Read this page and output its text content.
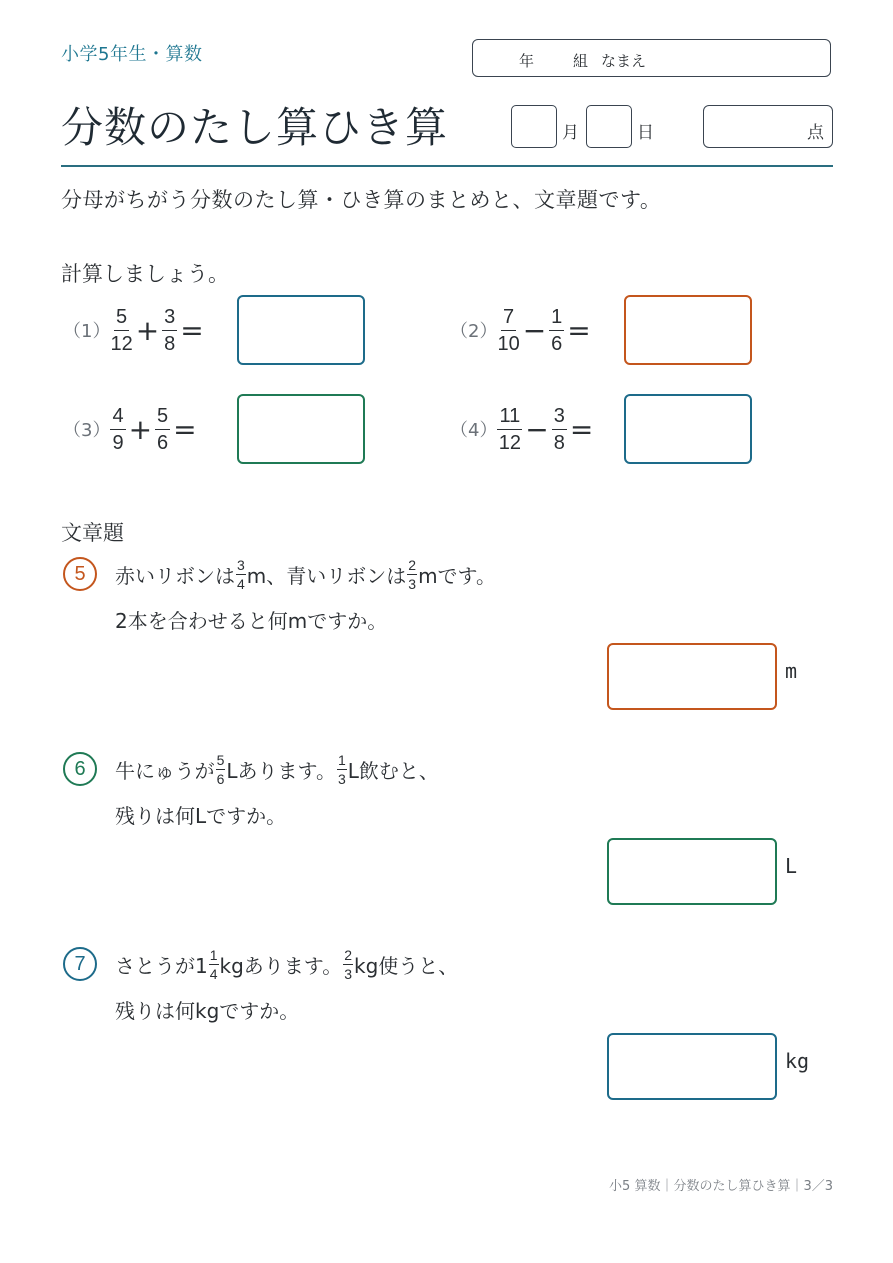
小学5年生・算数	年	組 なまえ
分数のたし算ひき算	月	日	点
分母がちがう分数のたし算・ひき算のまとめと、文章題です。
計算しましょう。
$(1) \frac{5}{12} + \frac{3}{8}$ =	$(2) \frac{7}{10} - \frac{1}{6}$ =
$(3) \frac{4}{9} + \frac{5}{6}$ =	$(4) \frac{11}{12} - \frac{3}{8}$ =
文章題
5	赤いリボンは $\frac{3}{4}$ m、青いリボンは $\frac{2}{3}$ mです。
2本を合わせると何mですか。
m
6	牛にゅうが $\frac{5}{6}$ Lあります。 $\frac{1}{3}$ L飲むと、
残りは何Lですか。
L
7	さとうが$1 \frac{1}{4}$ kgあります。 $\frac{2}{3}$ kg使うと、
残りは何kgですか。
kg
小5 算数｜分数のたし算ひき算｜3／3
